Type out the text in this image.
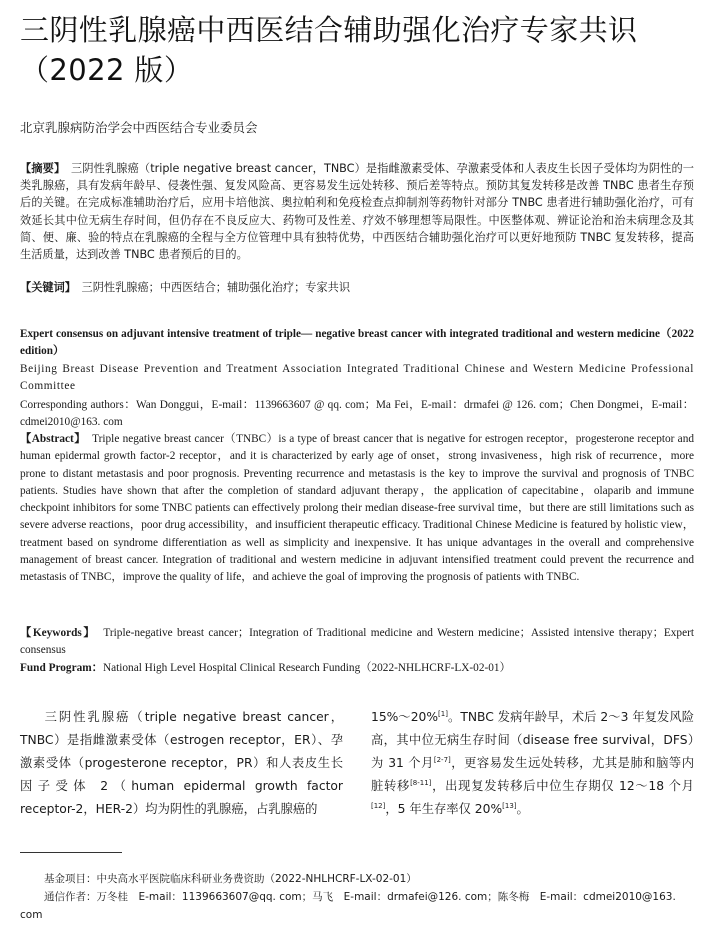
三阴性乳腺癌中西医结合辅助强化治疗专家共识（2022 版）
北京乳腺病防治学会中西医结合专业委员会
【摘要】　 三阴性乳腺癌（triple negative breast cancer，TNBC）是指雌激素受体、孕激素受体和人表皮生长因子受体均为阴性的一类乳腺癌，具有发病年龄早、侵袭性强、复发风险高、更容易发生远处转移、预后差等特点。预防其复发转移是改善 TNBC 患者生存预后的关键。在完成标准辅助治疗后，应用卡培他滨、奥拉帕利和免疫检查点抑制剂等药物针对部分 TNBC 患者进行辅助强化治疗，可有效延长其中位无病生存时间，但仍存在不良反应大、药物可及性差、疗效不够理想等局限性。中医整体观、辨证论治和治未病理念及其简、便、廉、验的特点在乳腺癌的全程与全方位管理中具有独特优势，中西医结合辅助强化治疗可以更好地预防 TNBC 复发转移，提高生活质量，达到改善 TNBC 患者预后的目的。
【关键词】　 三阴性乳腺癌；中西医结合；辅助强化治疗；专家共识
Expert consensus on adjuvant intensive treatment of triple— negative breast cancer with integrated traditional and western medicine（2022 edition）
Beijing Breast Disease Prevention and Treatment Association Integrated Traditional Chinese and Western Medicine Professional Committee
Corresponding authors：Wan Donggui，E-mail：1139663607 @ qq. com；Ma Fei，E-mail：drmafei @ 126. com；Chen Dongmei，E-mail：cdmei2010@163. com
【Abstract】　 Triple negative breast cancer（TNBC）is a type of breast cancer that is negative for estrogen receptor，progesterone receptor and human epidermal growth factor-2 receptor，and it is characterized by early age of onset，strong invasiveness，high risk of recurrence，more prone to distant metastasis and poor prognosis. Preventing recurrence and metastasis is the key to improve the survival and prognosis of TNBC patients. Studies have shown that after the completion of standard adjuvant therapy，the application of capecitabine，olaparib and immune checkpoint inhibitors for some TNBC patients can effectively prolong their median disease-free survival time，but there are still limitations such as severe adverse reactions，poor drug accessibility，and insufficient therapeutic efficacy. Traditional Chinese Medicine is featured by holistic view，treatment based on syndrome differentiation as well as simplicity and inexpensive. It has unique advantages in the overall and comprehensive management of breast cancer. Integration of traditional and western medicine in adjuvant intensified treatment could prevent the recurrence and metastasis of TNBC，improve the quality of life，and achieve the goal of improving the prognosis of patients with TNBC.
【Keywords】　 Triple-negative breast cancer；Integration of Traditional medicine and Western medicine；Assisted intensive therapy；Expert consensus
Fund Program：National High Level Hospital Clinical Research Funding（2022-NHLHCRF-LX-02-01）
三阴性乳腺癌（triple negative breast cancer，TNBC）是指雌激素受体（estrogen receptor，ER）、孕激素受体（progesterone receptor，PR）和人表皮生长因子受体 2（human epidermal growth factor receptor-2，HER-2）均为阴性的乳腺癌，占乳腺癌的
15%～20%[1]。TNBC 发病年龄早，术后 2～3 年复发风险高，其中位无病生存时间（disease free survival，DFS）为 31 个月[2-7]，更容易发生远处转移，尤其是肺和脑等内脏转移[8-11]，出现复发转移后中位生存期仅 12～18 个月[12]，5 年生存率仅 20%[13]。
基金项目：中央高水平医院临床科研业务费资助（2022-NHLHCRF-LX-02-01）
通信作者：万冬桂　E-mail：1139663607@qq. com；马飞　E-mail：drmafei@126. com；陈冬梅　E-mail：cdmei2010@163. com
